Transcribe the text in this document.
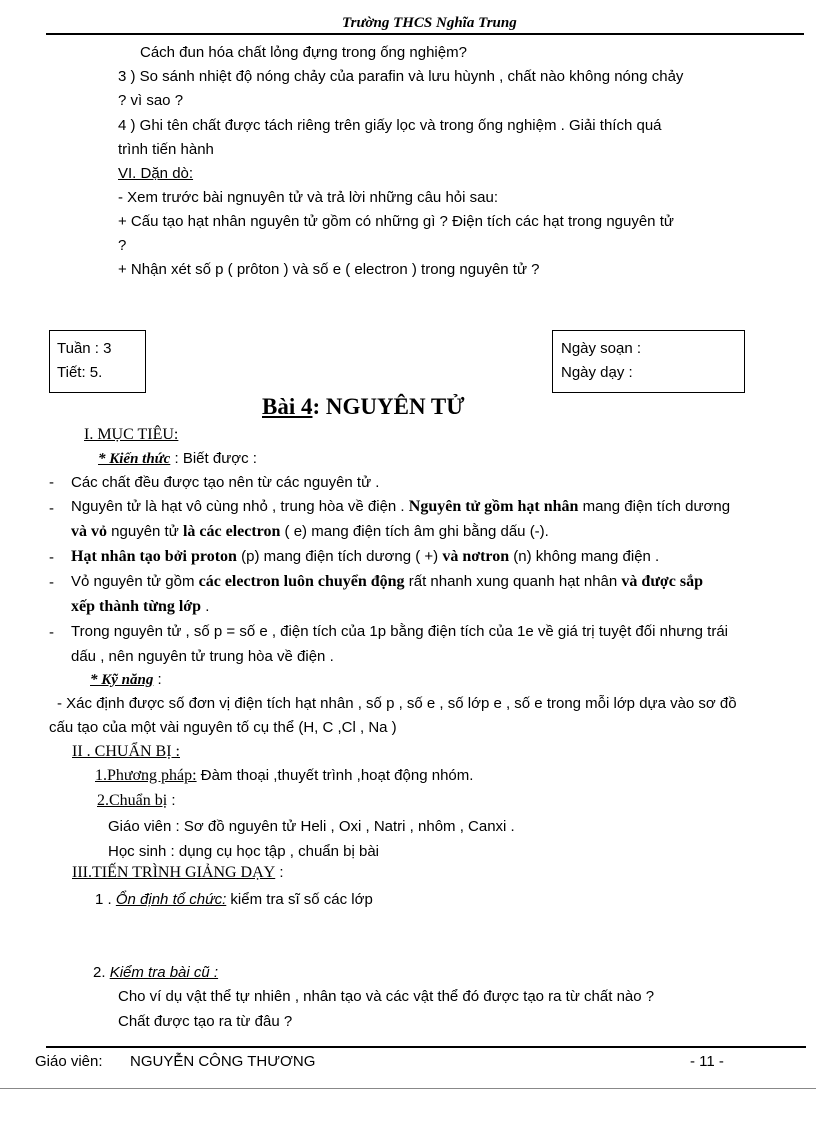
Trường THCS Nghĩa Trung
Cách đun hóa chất lỏng đựng trong ống nghiệm?
3 ) So sánh nhiệt độ nóng chảy của parafin và lưu hùynh , chất nào không nóng chảy
? vì sao ?
4 ) Ghi tên chất được tách riêng trên giấy lọc và trong ống nghiệm . Giải thích quá
trình tiến hành
VI. Dặn dò:
- Xem trước bài ngnuyên tử và trả lời những câu hỏi sau:
+ Cấu tạo hạt nhân nguyên tử gồm có những gì ? Điện tích các hạt trong nguyên tử
?
+ Nhận xét số p ( prôton ) và số e ( electron ) trong nguyên tử ?
Tuần : 3
Tiết: 5.
Ngày soạn :
Ngày dạy :
Bài 4: NGUYÊN TỬ
I. MỤC TIÊU:
* Kiến thức : Biết được :
- Các chất đều được tạo nên từ các nguyên tử .
- Nguyên tử là hạt vô cùng nhỏ , trung hòa về điện . Nguyên tử gồm hạt nhân mang điện tích dương
và vỏ nguyên tử là các electron ( e) mang điện tích âm ghi bằng dấu (-).
- Hạt nhân tạo bởi proton (p) mang điện tích dương ( +) và nơtron (n) không mang điện .
- Vỏ nguyên tử gồm các electron luôn chuyển động rất nhanh xung quanh hạt nhân và được sắp
xếp thành từng lớp .
- Trong nguyên tử , số p = số e , điện tích của 1p bằng điện tích của 1e về giá trị tuyệt đối nhưng trái
dấu , nên nguyên tử trung hòa về điện .
* Kỹ năng :
- Xác định được số đơn vị điện tích hạt nhân , số p , số e , số lớp e , số e trong mỗi lớp dựa vào sơ đồ
cấu tạo của một vài nguyên tố cụ thể (H, C ,Cl , Na )
II . CHUẨN BỊ :
1.Phương pháp: Đàm thoại ,thuyết trình ,hoạt động nhóm.
2.Chuẩn bị :
Giáo viên : Sơ đồ nguyên tử Heli , Oxi , Natri , nhôm , Canxi .
Học sinh : dụng cụ học tập , chuẩn bị bài
III.TIẾN TRÌNH GIẢNG DẠY :
1 . Ổn định tổ chức: kiểm tra sĩ số các lớp
2. Kiểm tra bài cũ :
Cho ví dụ vật thể tự nhiên , nhân tạo và các vật thể đó được tạo ra từ chất nào ?
Chất được tạo ra từ đâu ?
Giáo viên: NGUYỄN CÔNG THƯƠNG	- 11 -
